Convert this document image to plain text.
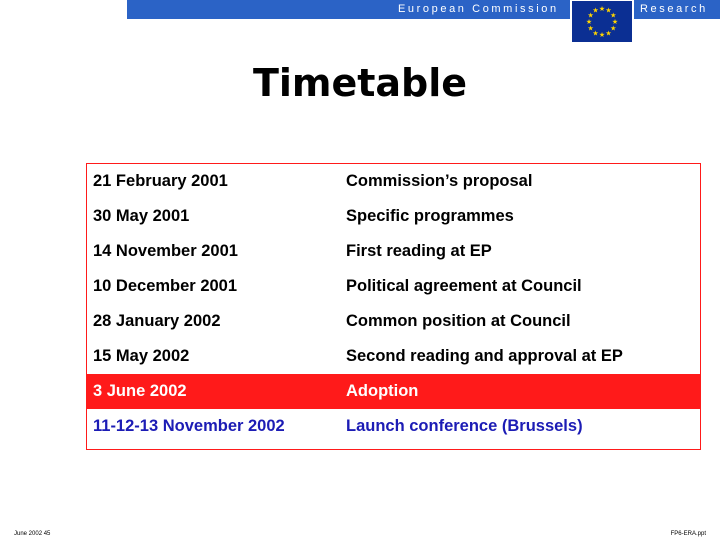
European Commission	Research
★ ★
★
★
★
★
★
★
★
★
★
★
Timetable
21 February 2001	Commission’s proposal
30 May 2001	Specific programmes
14 November 2001	First reading at EP
10 December 2001	Political agreement at Council
28 January 2002	Common position at Council
15 May 2002	Second reading and approval at EP
3 June 2002	Adoption
11-12-13 November 2002	Launch conference (Brussels)
June 2002 45	FP6-ERA.ppt
